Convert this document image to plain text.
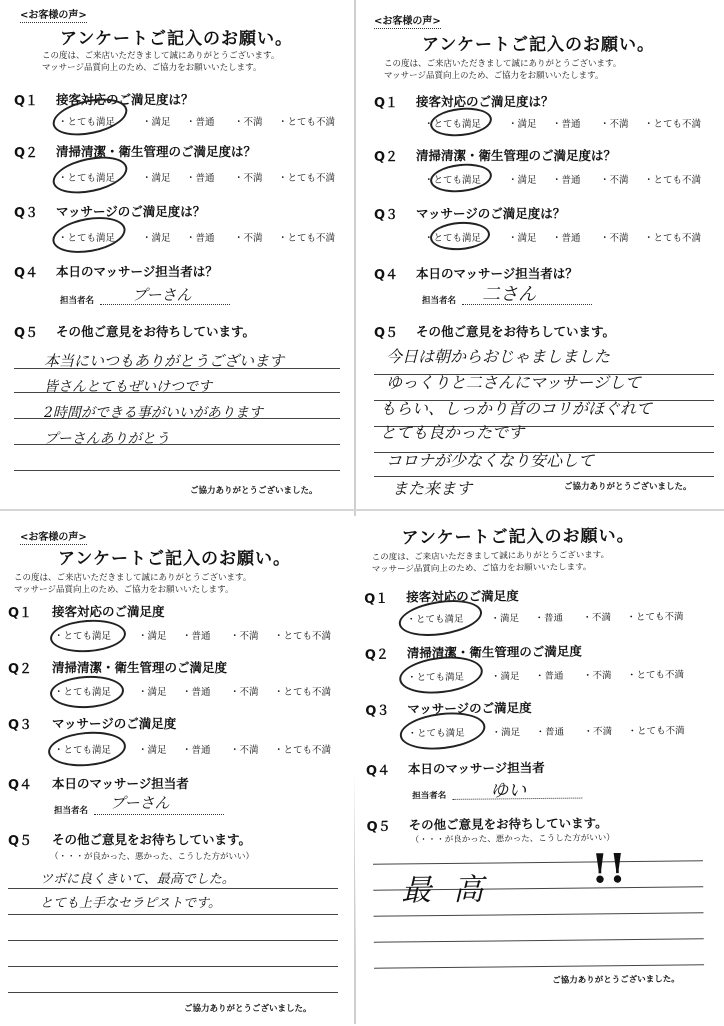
<お客様の声>
アンケートご記入のお願い。
この度は、ご来店いただきまして誠にありがとうございます。
マッサージ品質向上のため、ご協力をお願いいたします。
Q１ 接客対応のご満足度は？
・とても満足	・満足	・普通	・不満	・とても不満
Q２ 清掃清潔・衛生管理のご満足度は？
・とても満足	・満足	・普通	・不満	・とても不満
Q３ マッサージのご満足度は？
・とても満足	・満足	・普通	・不満	・とても不満
Q４ 本日のマッサージ担当者は？
担当者名	プーさん
Q５ その他ご意見をお待ちしています。
本当にいつもありがとうございます
皆さんとてもぜいけつです
2時間ができる事がいいがあります
プーさんありがとう
ご協力ありがとうございました。
<お客様の声>
アンケートご記入のお願い。
この度は、ご来店いただきまして誠にありがとうございます。
マッサージ品質向上のため、ご協力をお願いいたします。
Q１ 接客対応のご満足度は？
・とても満足	・満足	・普通	・不満	・とても不満
Q２ 清掃清潔・衛生管理のご満足度は？
・とても満足	・満足	・普通	・不満	・とても不満
Q３ マッサージのご満足度は？
・とても満足	・満足	・普通	・不満	・とても不満
Q４ 本日のマッサージ担当者は？
担当者名 二さん
Q５ その他ご意見をお待ちしています。
今日は朝からおじゃましました
ゆっくりと二さんにマッサージして
もらい、しっかり首のコリがほぐれて
とても良かったです
コロナが少なくなり安心して
また来ます	ご協力ありがとうございました。
<お客様の声>
アンケートご記入のお願い。
この度は、ご来店いただきまして誠にありがとうございます。
マッサージ品質向上のため、ご協力をお願いいたします。
Q１ 接客対応のご満足度
・とても満足	・満足	・普通	・不満	・とても不満
Q２ 清掃清潔・衛生管理のご満足度
・とても満足	・満足	・普通	・不満	・とても不満
Q３ マッサージのご満足度
・とても満足	・満足	・普通	・不満	・とても不満
Q４ 本日のマッサージ担当者
担当者名 プーさん
Q５ その他ご意見をお待ちしています。
（・・・が良かった、悪かった、こうした方がいい）
ツボに良くきいて、最高でした。
とても上手なセラピストです。
ご協力ありがとうございました。
アンケートご記入のお願い。
この度は、ご来店いただきまして誠にありがとうございます。
マッサージ品質向上のため、ご協力をお願いいたします。
Q１ 接客対応のご満足度
・とても満足	・満足	・普通	・不満	・とても不満
Q２ 清掃清潔・衛生管理のご満足度
・とても満足	・満足	・普通	・不満	・とても不満
Q３ マッサージのご満足度
・とても満足	・満足	・普通	・不満	・とても不満
Q４ 本日のマッサージ担当者
担当者名 ゆい
Q５ その他ご意見をお待ちしています。
（・・・が良かった、悪かった、こうした方がいい）
最高 !!
ご協力ありがとうございました。
